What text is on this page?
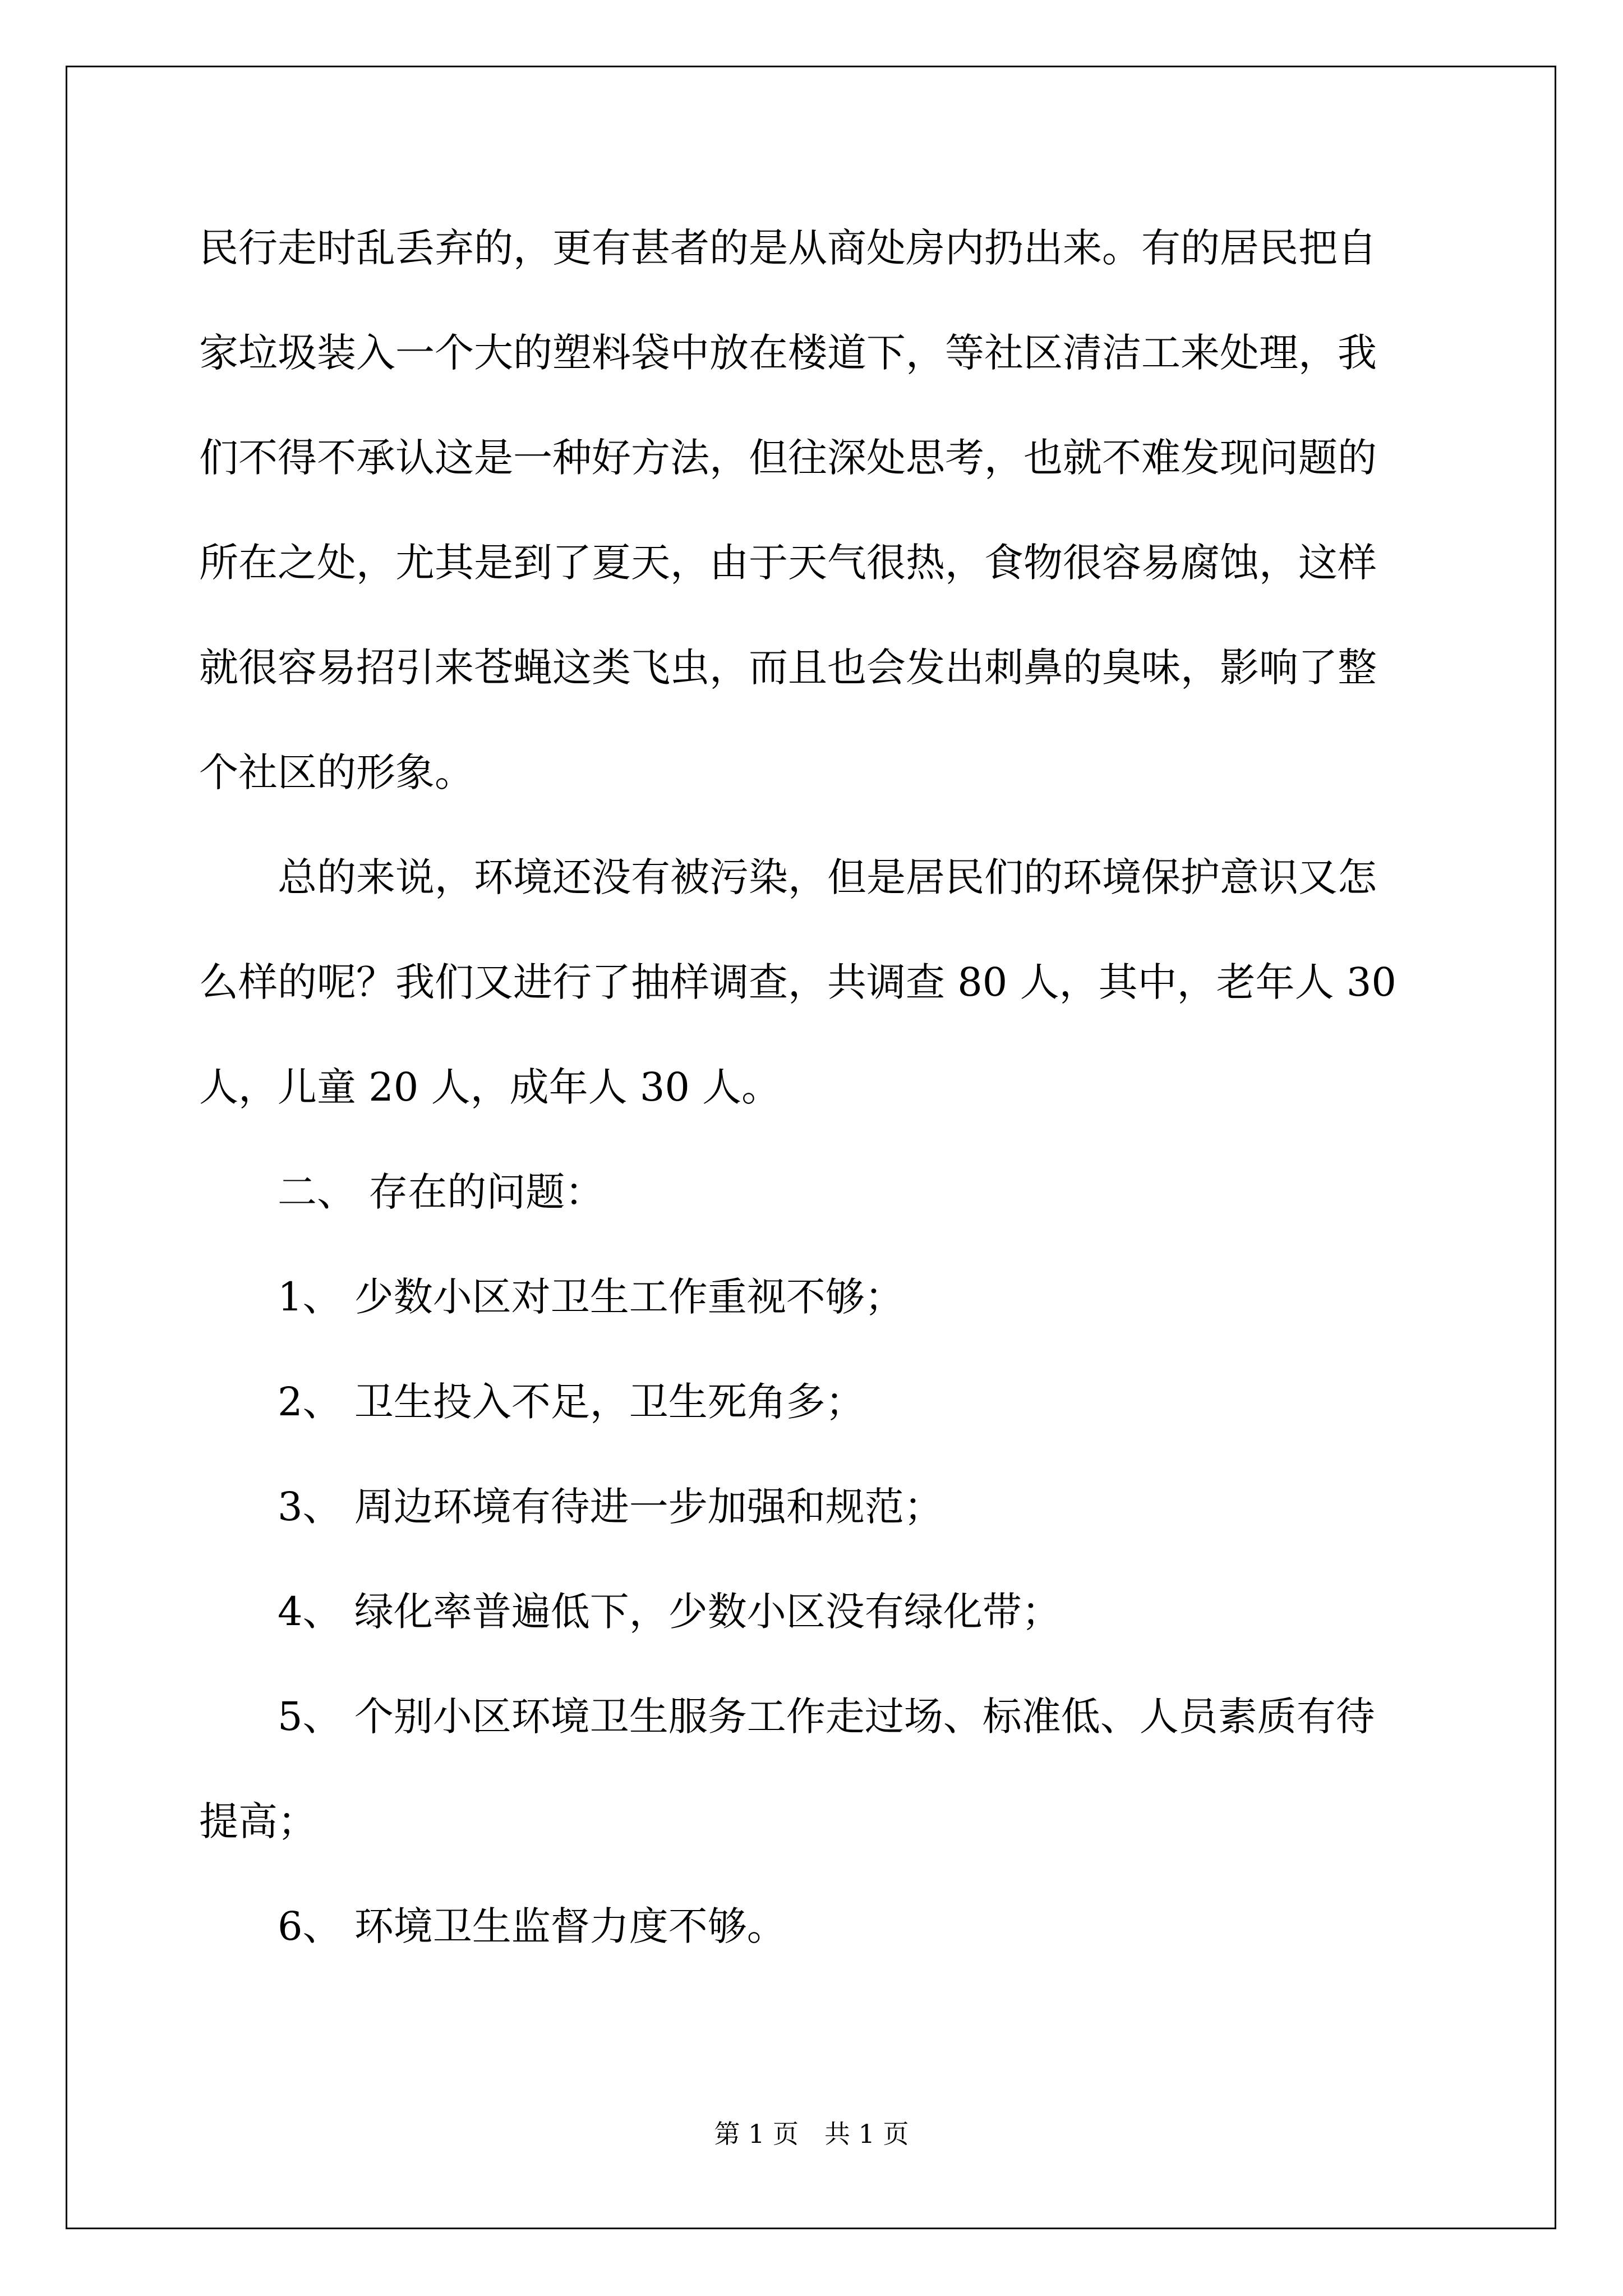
民行走时乱丢弃的，更有甚者的是从商处房内扔出来。有的居民把自

家垃圾装入一个大的塑料袋中放在楼道下，等社区清洁工来处理，我

们不得不承认这是一种好方法，但往深处思考，也就不难发现问题的

所在之处，尤其是到了夏天，由于天气很热，食物很容易腐蚀，这样

就很容易招引来苍蝇这类飞虫，而且也会发出刺鼻的臭味，影响了整

个社区的形象。

　　总的来说，环境还没有被污染，但是居民们的环境保护意识又怎

么样的呢？我们又进行了抽样调查，共调查 80 人，其中，老年人 30

人，儿童 20 人，成年人 30 人。

　　二、 存在的问题：

　　1、 少数小区对卫生工作重视不够；

　　2、 卫生投入不足，卫生死角多；

　　3、 周边环境有待进一步加强和规范；

　　4、 绿化率普遍低下，少数小区没有绿化带；

　　5、 个别小区环境卫生服务工作走过场、标准低、人员素质有待

提高；

　　6、 环境卫生监督力度不够。

第 1 页　共 1 页
